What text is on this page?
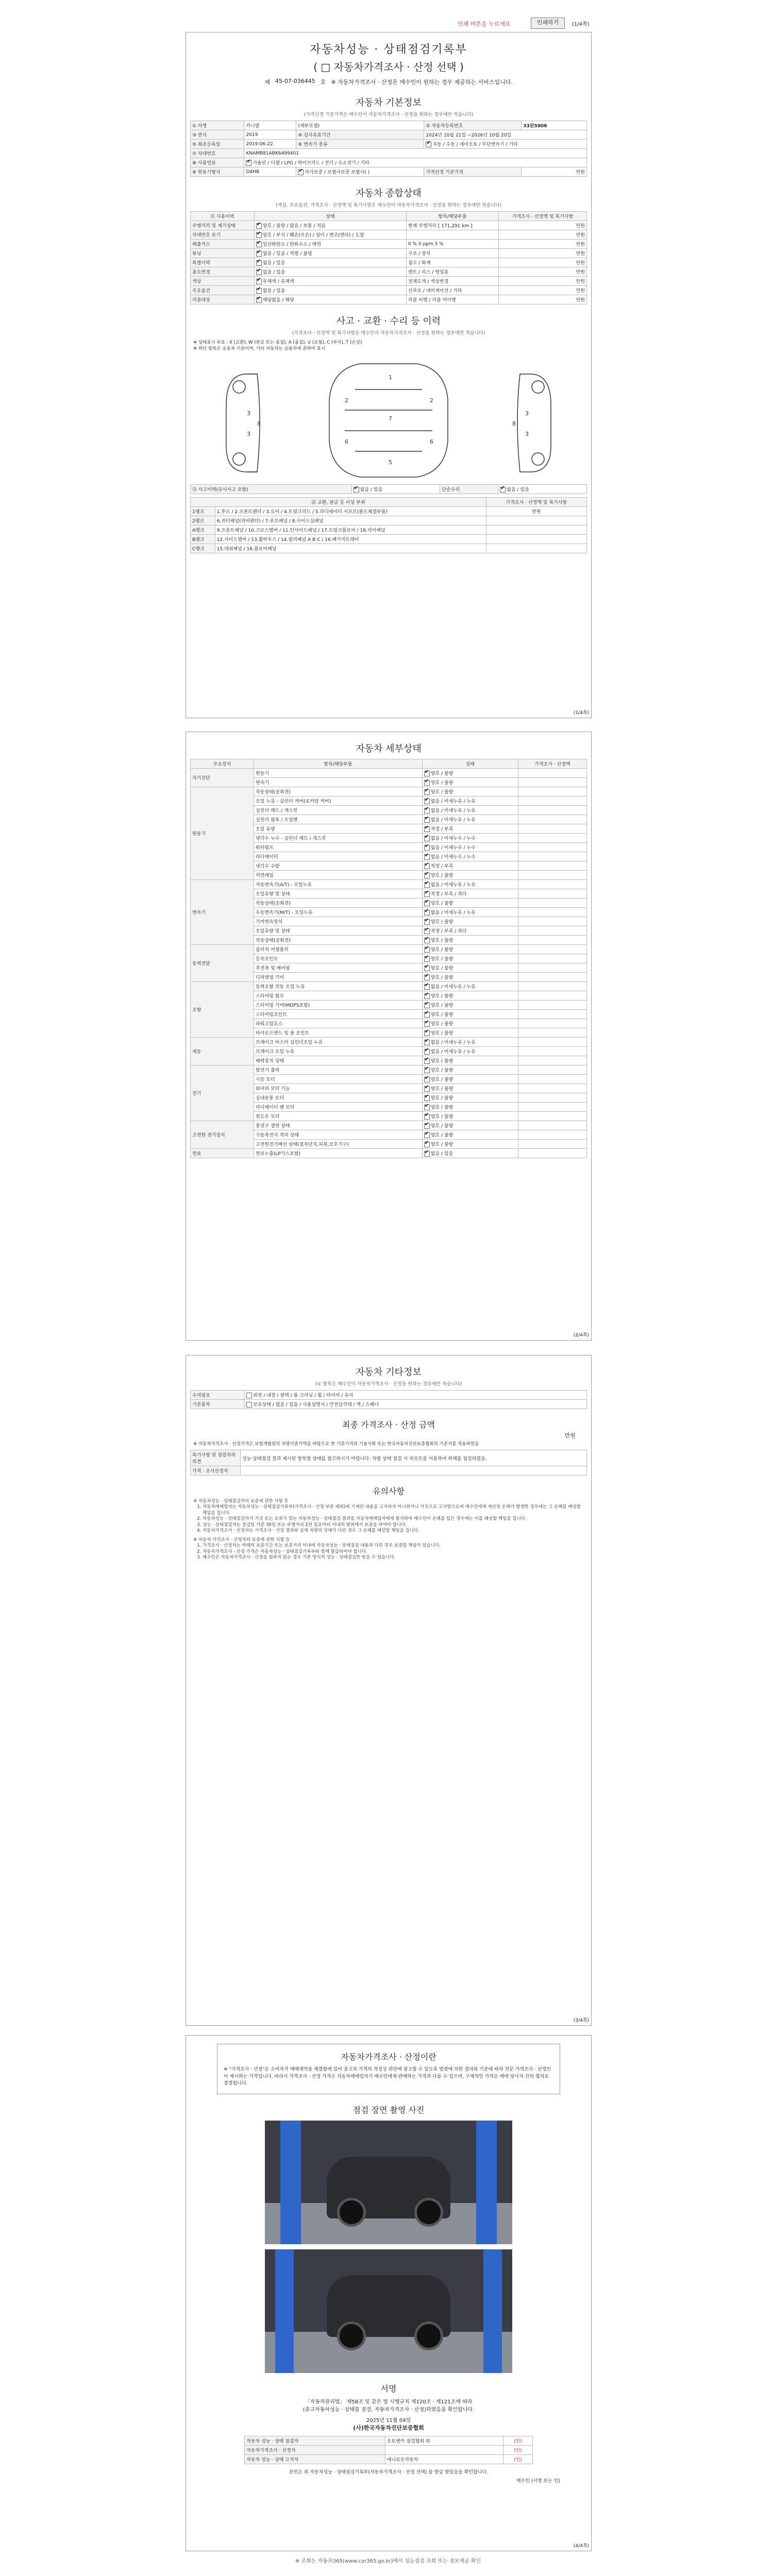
인쇄 버튼을 누르세요	인쇄하기	(1/4쪽)
자동차성능 · 상태점검기록부
( □ 자동차가격조사 · 산정 선택 )
제 45-07-036445 호 ※ 자동차가격조사 · 산정은 매수인이 원하는 경우 제공하는 서비스입니다.
자동차 기본정보
(가격산정 기준가격은 매수인이 자동차가격조사 · 산정을 원하는 경우에만 적습니다)
① 차명	카니발	(세부모델)	② 자동차등록번호	33된5906
③ 연식	2019	④ 검사유효기간	2024년 10월 21일 ~2026년 10월 20일	
⑤ 최초등록일	2019-06-22	⑥ 변속기 종류	✔자동 / 수동 / 세미오토 / 무단변속기 / 기타
⑦ 차대번호	KNAMB81ABK6499401			
⑧ 사용연료	✔가솔린 / 디젤 / LPG / 하이브리드 / 전기 / 수소전기 / 기타
⑨ 원동기형식	D4HB	✔자가보증 / 보험사보증 보험사( )	가격산정 기준가격	만원
자동차 종합상태
(색상, 주요옵션, 가격조사 · 산정액 및 특기사항은 매수인이 자동차가격조사 · 산정을 원하는 경우에만 적습니다)
⑪ 사용이력	상태	항목/해당부품	가격조사 · 산정액 및 특기사항
주행거리 및 계기상태	✔양호 / 불량 / 많음 / 보통 / 적음	현재 주행거리 [ 171,291 km ]	만원
차대번호 표기	✔양호 / 부식 / 훼손(오손) / 상이 / 변조(변타) / 도말		만원
배출가스	✔일산화탄소 / 탄화수소 / 매연	0 % 0 ppm 3 %	만원
튜닝	✔없음 / 있음 / 적법 / 불법	구조 / 장치	만원
특별이력	✔없음 / 있음	침수 / 화재	만원
용도변경	✔없음 / 있음	렌트 / 리스 / 영업용	만원
색상	✔무채색 / 유채색	전체도색 / 색상변경	만원
주요옵션	✔없음 / 있음	선루프 / 네비게이션 / 기타	만원
리콜대상	✔해당없음 / 해당	리콜 이행 / 리콜 미이행	만원
사고 · 교환 · 수리 등 이력
(가격조사 · 산정액 및 특기사항은 매수인이 자동차가격조사 · 산정을 원하는 경우에만 적습니다)
※ 상태표시 부호 : X (교환), W (판금 또는 용접), A (흠집), U (요철), C (부식), T (손상)
※ 하단 항목은 승용차 기준이며, 기타 자동차는 승용차에 준하여 표시
1
7
5
2	2
6	6
3
3
3
3
8	8
⑬ 사고이력(유사사고 포함)	✔없음 / 있음	단순수리	✔없음 / 있음
⑫ 교환, 판금 등 이상 부위		가격조사 · 산정액 및 특기사항
1랭크	1.후드 / 2.프론트펜더 / 3.도어 / 4.트렁크리드 / 5.라디에이터 서포트(볼트체결부품)	만원
2랭크	6.쿼터패널(리어펜더) / 7.루프패널 / 8.사이드실패널	
A랭크	9.프론트패널 / 10.크로스멤버 / 11.인사이드패널 / 17.트렁크플로어 / 18.리어패널	
B랭크	12.사이드멤버 / 13.휠하우스 / 14.필러패널 A B C / 16.패키지트레이	
C랭크	15.대쉬패널 / 16.플로어패널	
(1/4쪽)
자동차 세부상태
주요장치	항목/해당부품	상태	가격조사 · 산정액
자기진단	원동기	✔양호 / 불량	
	변속기	✔양호 / 불량	
원동기	작동상태(공회전)	✔양호 / 불량	
	오일 누유 - 실린더 커버(로커암 커버)	✔없음 / 미세누유 / 누유	
	실린더 헤드 / 개스킷	✔없음 / 미세누유 / 누유	
	실린더 블록 / 오일팬	✔없음 / 미세누유 / 누유	
	오일 유량	✔적정 / 부족	
	냉각수 누수 - 실린더 헤드 / 개스킷	✔없음 / 미세누수 / 누수	
	워터펌프	✔없음 / 미세누수 / 누수	
	라디에이터	✔없음 / 미세누수 / 누수	
	냉각수 수량	✔적정 / 부족	
	커먼레일	✔양호 / 불량	
변속기	자동변속기(A/T) - 오일누유	✔없음 / 미세누유 / 누유	
	오일유량 및 상태	✔적정 / 부족 / 과다	
	작동상태(공회전)	✔양호 / 불량	
	수동변속기(M/T) - 오일누유	✔없음 / 미세누유 / 누유	
	기어변속장치	✔양호 / 불량	
	오일유량 및 상태	✔적정 / 부족 / 과다	
	작동상태(공회전)	✔양호 / 불량	
동력전달	클러치 어셈블리	✔양호 / 불량	
	등속조인트	✔양호 / 불량	
	추진축 및 베어링	✔양호 / 불량	
	디퍼렌셜 기어	✔양호 / 불량	
조향	동력조향 작동 오일 누유	✔없음 / 미세누유 / 누유	
	스티어링 펌프	✔양호 / 불량	
	스티어링 기어(MDPS포함)	✔양호 / 불량	
	스티어링조인트	✔양호 / 불량	
	파워고압호스	✔양호 / 불량	
	타이로드엔드 및 볼 조인트	✔양호 / 불량	
제동	브레이크 마스터 실린더오일 누유	✔없음 / 미세누유 / 누유	
	브레이크 오일 누유	✔없음 / 미세누유 / 누유	
	배력장치 상태	✔양호 / 불량	
전기	발전기 출력	✔양호 / 불량	
	시동 모터	✔양호 / 불량	
	와이퍼 모터 기능	✔양호 / 불량	
	실내송풍 모터	✔양호 / 불량	
	라디에이터 팬 모터	✔양호 / 불량	
	윈도우 모터	✔양호 / 불량	
고전원 전기장치	충전구 절연 상태	✔양호 / 불량	
	구동축전지 격리 상태	✔양호 / 불량	
	고전원전기배선 상태(접속단자,피복,보호기구)	✔양호 / 불량	
연료	연료누출(LP가스포함)	✔없음 / 있음	
(2/4쪽)
자동차 기타정보
(① 항목은 매수인이 자동차가격조사 · 산정을 원하는 경우에만 적습니다)
수리필요	외장 / 내장 / 광택 / 룸 크리닝 / 휠 / 타이어 / 유리
기본품목	보유상태 / 없음 / 있음 / 사용설명서 / 안전삼각대 / 잭 / 스패너
최종 가격조사 · 산정 금액
만원
※ 자동차가격조사 · 산정가격은 보험개발원의 차량기준가액을 바탕으로 한 기준가격과 기술사회 또는 한국자동차진단보증협회의 기준서를 적용하였음
특기사항 및 점검자의 의견	성능·상태점검 결과 제시된 항목별 상태를 참고하시기 바랍니다. 차량 상태 점검 시 리프트를 이용하여 하체를 점검하였음.
가격 · 조사산정자	
유의사항
※ 자동차성능 · 상태점검자의 보증에 관한 사항 등
1. 자동차매매업자는 자동차성능 · 상태점검기록부(가격조사 · 산정 부분 제외)에 기재된 내용을 고지하지 아니하거나 거짓으로 고지함으로써 매수인에게 재산상 손해가 발생한 경우에는 그 손해를 배상할 책임을 집니다.
2. 자동차성능 · 상태점검자가 거짓 또는 오류가 있는 자동차성능 · 상태점검 결과를 자동차매매업자에게 통지하여 매수인이 손해를 입은 경우에는 이를 배상할 책임을 집니다.
3. 성능 · 상태점검자는 점검일 기준 30일 또는 주행거리 2천 킬로미터 이내의 범위에서 보증을 하여야 합니다.
4. 자동차가격조사 · 산정자는 가격조사 · 산정 결과와 실제 차량의 상태가 다른 경우 그 손해를 배상할 책임을 집니다.
※ 자동차 가격조사 · 산정자의 보증에 관한 사항 등
1. 가격조사 · 산정자는 아래의 보증기간 또는 보증거리 이내에 자동차성능 · 상태점검 내용과 다른 경우 보증할 책임이 있습니다.
2. 자동차가격조사 · 산정 가격은 자동차성능 · 상태점검기록부와 함께 발급되어야 합니다.
3. 매수인은 자동차가격조사 · 산정을 원하지 않는 경우 기존 방식의 성능 · 상태점검만 받을 수 있습니다.
(3/4쪽)
자동차가격조사 · 산정이란
※ "가격조사 · 산정"은 소비자가 매매계약을 체결함에 있어 중고차 가격의 적정성 판단에 참고할 수 있도록 법령에 의한 절차와 기준에 따라 전문 가격조사 · 산정인이 제시하는 가격입니다. 따라서 가격조사 · 산정 가격은 자동차매매업자가 매수인에게 판매하는 가격과 다를 수 있으며, 구체적인 가격은 매매 당사자 간의 협의로 결정됩니다.
점검 장면 촬영 사진
서명
「자동차관리법」 제58조 및 같은 법 시행규칙 제120조 · 제121조에 따라
(중고자동차성능 · 상태를 점검, 자동차가격조사 · 산정)하였음을 확인합니다.
2025년 11월 04일
(사)한국자동차진단보증협회
자동차 성능 · 상태 점검자	오토엔카 점검협회 외	(인)
자동차가격조사 · 산정자		(인)
자동차 성능 · 상태 고지자	애니로운자동차	(인)
본인은 위 자동차성능 · 상태점검기록부(자동차가격조사 · 산정 선택) 를 발급 받았음을 확인합니다.
매수인 (서명 또는 인)
(4/4쪽)
※ 조회는 자동차365(www.car365.go.kr)에서 성능점검 조회 또는 정보제공 확인
